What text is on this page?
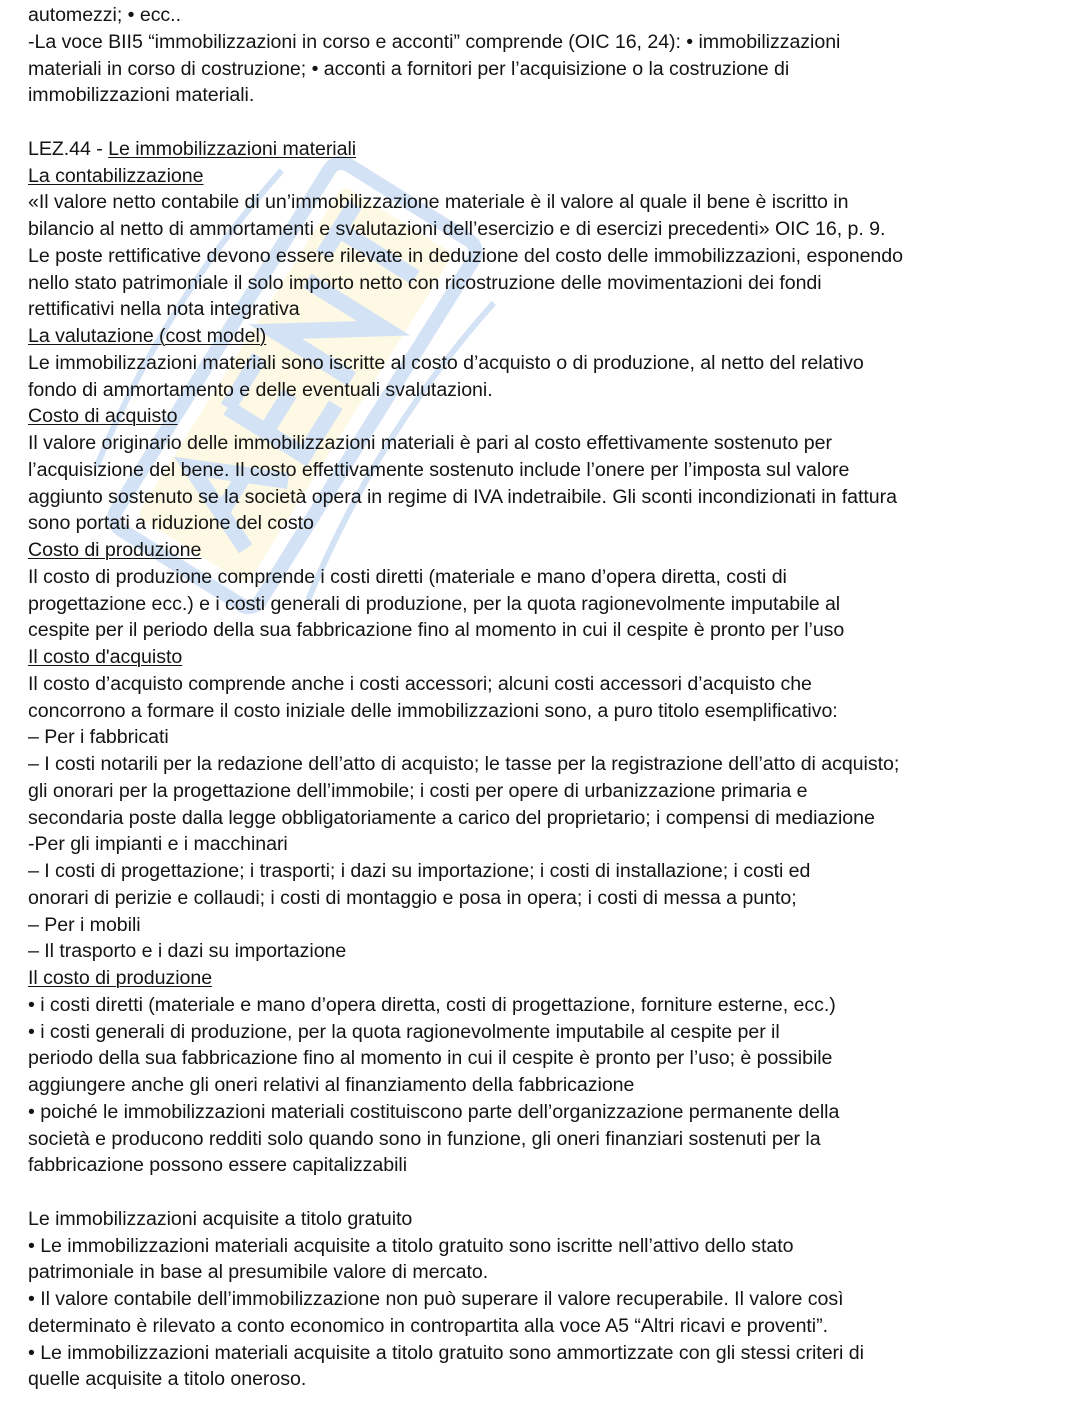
automezzi; • ecc..
-La voce BII5 “immobilizzazioni in corso e acconti” comprende (OIC 16, 24): • immobilizzazioni
materiali in corso di costruzione; • acconti a fornitori per l’acquisizione o la costruzione di
immobilizzazioni materiali.
LEZ.44 - Le immobilizzazioni materiali
La contabilizzazione
«Il valore netto contabile di un’immobilizzazione materiale è il valore al quale il bene è iscritto in
bilancio al netto di ammortamenti e svalutazioni dell’esercizio e di esercizi precedenti» OIC 16, p. 9.
Le poste rettificative devono essere rilevate in deduzione del costo delle immobilizzazioni, esponendo
nello stato patrimoniale il solo importo netto con ricostruzione delle movimentazioni dei fondi
rettificativi nella nota integrativa
La valutazione (cost model)
Le immobilizzazioni materiali sono iscritte al costo d’acquisto o di produzione, al netto del relativo
fondo di ammortamento e delle eventuali svalutazioni.
Costo di acquisto
Il valore originario delle immobilizzazioni materiali è pari al costo effettivamente sostenuto per
l’acquisizione del bene. Il costo effettivamente sostenuto include l’onere per l’imposta sul valore
aggiunto sostenuto se la società opera in regime di IVA indetraibile. Gli sconti incondizionati in fattura
sono portati a riduzione del costo
Costo di produzione
Il costo di produzione comprende i costi diretti (materiale e mano d’opera diretta, costi di
progettazione ecc.) e i costi generali di produzione, per la quota ragionevolmente imputabile al
cespite per il periodo della sua fabbricazione fino al momento in cui il cespite è pronto per l’uso
Il costo d'acquisto
Il costo d’acquisto comprende anche i costi accessori; alcuni costi accessori d’acquisto che
concorrono a formare il costo iniziale delle immobilizzazioni sono, a puro titolo esemplificativo:
– Per i fabbricati
– I costi notarili per la redazione dell’atto di acquisto; le tasse per la registrazione dell’atto di acquisto;
gli onorari per la progettazione dell’immobile; i costi per opere di urbanizzazione primaria e
secondaria poste dalla legge obbligatoriamente a carico del proprietario; i compensi di mediazione
-Per gli impianti e i macchinari
– I costi di progettazione; i trasporti; i dazi su importazione; i costi di installazione; i costi ed
onorari di perizie e collaudi; i costi di montaggio e posa in opera; i costi di messa a punto;
– Per i mobili
– Il trasporto e i dazi su importazione
Il costo di produzione
• i costi diretti (materiale e mano d’opera diretta, costi di progettazione, forniture esterne, ecc.)
• i costi generali di produzione, per la quota ragionevolmente imputabile al cespite per il
periodo della sua fabbricazione fino al momento in cui il cespite è pronto per l’uso; è possibile
aggiungere anche gli oneri relativi al finanziamento della fabbricazione
• poiché le immobilizzazioni materiali costituiscono parte dell’organizzazione permanente della
società e producono redditi solo quando sono in funzione, gli oneri finanziari sostenuti per la
fabbricazione possono essere capitalizzabili
Le immobilizzazioni acquisite a titolo gratuito
• Le immobilizzazioni materiali acquisite a titolo gratuito sono iscritte nell’attivo dello stato
patrimoniale in base al presumibile valore di mercato.
• Il valore contabile dell’immobilizzazione non può superare il valore recuperabile. Il valore così
determinato è rilevato a conto economico in contropartita alla voce A5 “Altri ricavi e proventi”.
• Le immobilizzazioni materiali acquisite a titolo gratuito sono ammortizzate con gli stessi criteri di
quelle acquisite a titolo oneroso.
